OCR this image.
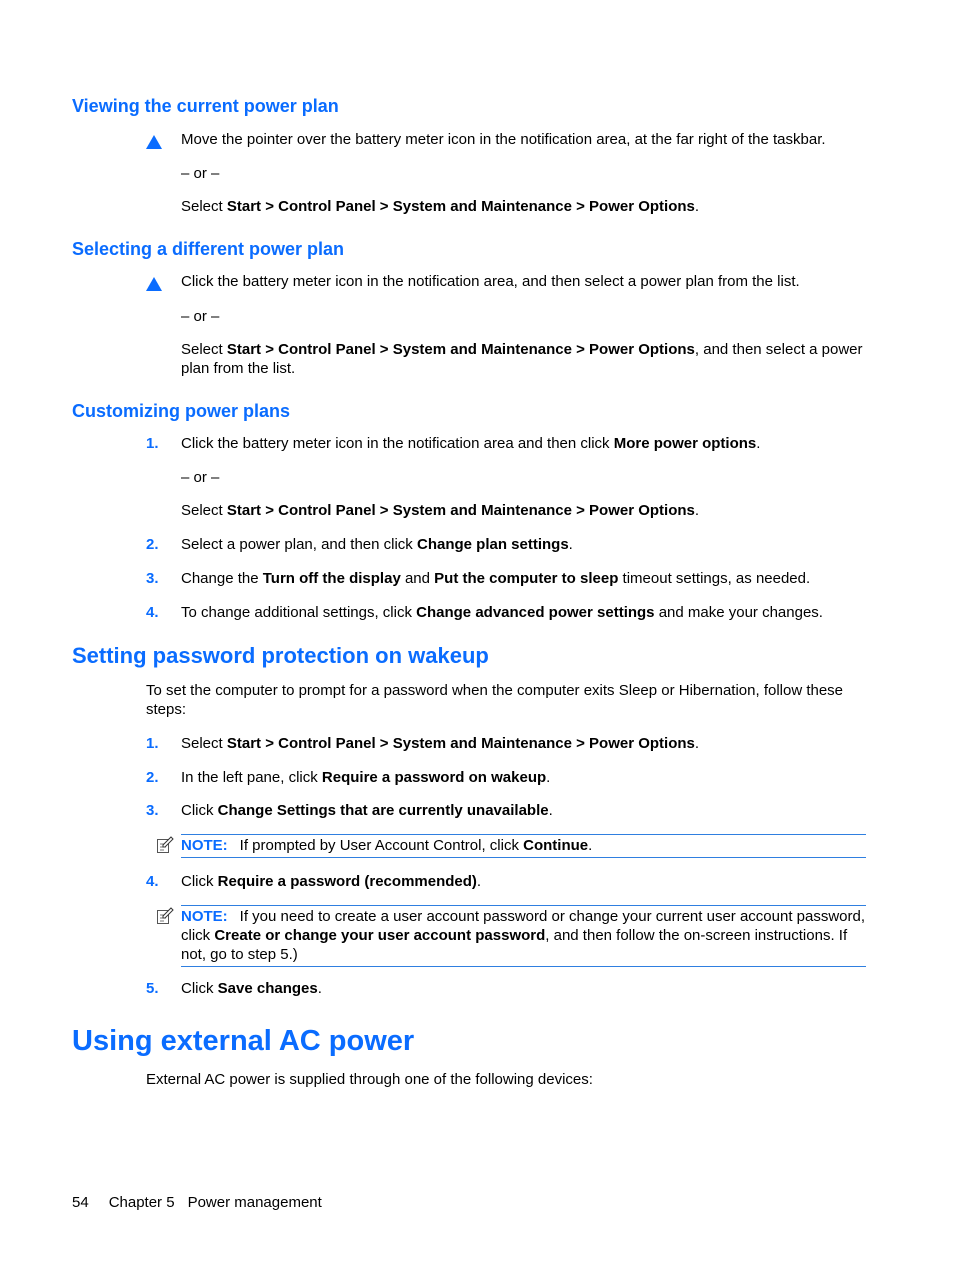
Viewing the current power plan
Move the pointer over the battery meter icon in the notification area, at the far right of the taskbar.
– or –
Select Start > Control Panel > System and Maintenance > Power Options.
Selecting a different power plan
Click the battery meter icon in the notification area, and then select a power plan from the list.
– or –
Select Start > Control Panel > System and Maintenance > Power Options, and then select a power plan from the list.
Customizing power plans
1.	Click the battery meter icon in the notification area and then click More power options.
– or –
Select Start > Control Panel > System and Maintenance > Power Options.
2.	Select a power plan, and then click Change plan settings.
3.	Change the Turn off the display and Put the computer to sleep timeout settings, as needed.
4.	To change additional settings, click Change advanced power settings and make your changes.
Setting password protection on wakeup
To set the computer to prompt for a password when the computer exits Sleep or Hibernation, follow these steps:
1.	Select Start > Control Panel > System and Maintenance > Power Options.
2.	In the left pane, click Require a password on wakeup.
3.	Click Change Settings that are currently unavailable.
NOTE: If prompted by User Account Control, click Continue.
4.	Click Require a password (recommended).
NOTE: If you need to create a user account password or change your current user account password, click Create or change your user account password, and then follow the on-screen instructions. If not, go to step 5.)
5.	Click Save changes.
Using external AC power
External AC power is supplied through one of the following devices:
54 Chapter 5 Power management
